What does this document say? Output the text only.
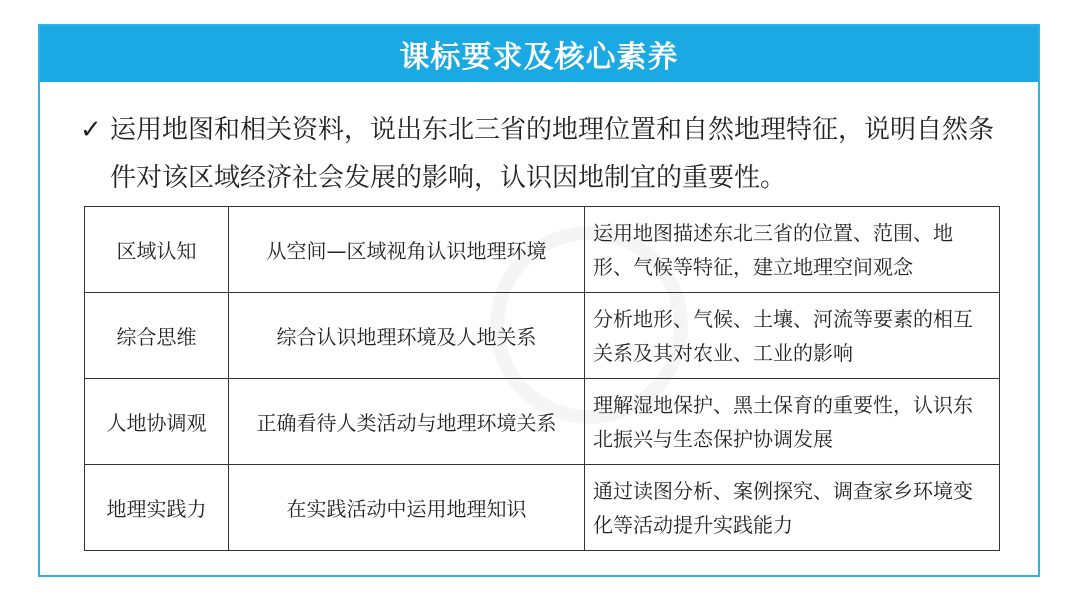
课标要求及核心素养
✓ 运用地图和相关资料，说出东北三省的地理位置和自然地理特征，说明自然条件对该区域经济社会发展的影响，认识因地制宜的重要性。
区域认知	从空间—区域视角认识地理环境	运用地图描述东北三省的位置、范围、地形、气候等特征，建立地理空间观念
综合思维	综合认识地理环境及人地关系	分析地形、气候、土壤、河流等要素的相互关系及其对农业、工业的影响
人地协调观	正确看待人类活动与地理环境关系	理解湿地保护、黑土保育的重要性，认识东北振兴与生态保护协调发展
地理实践力	在实践活动中运用地理知识	通过读图分析、案例探究、调查家乡环境变化等活动提升实践能力
